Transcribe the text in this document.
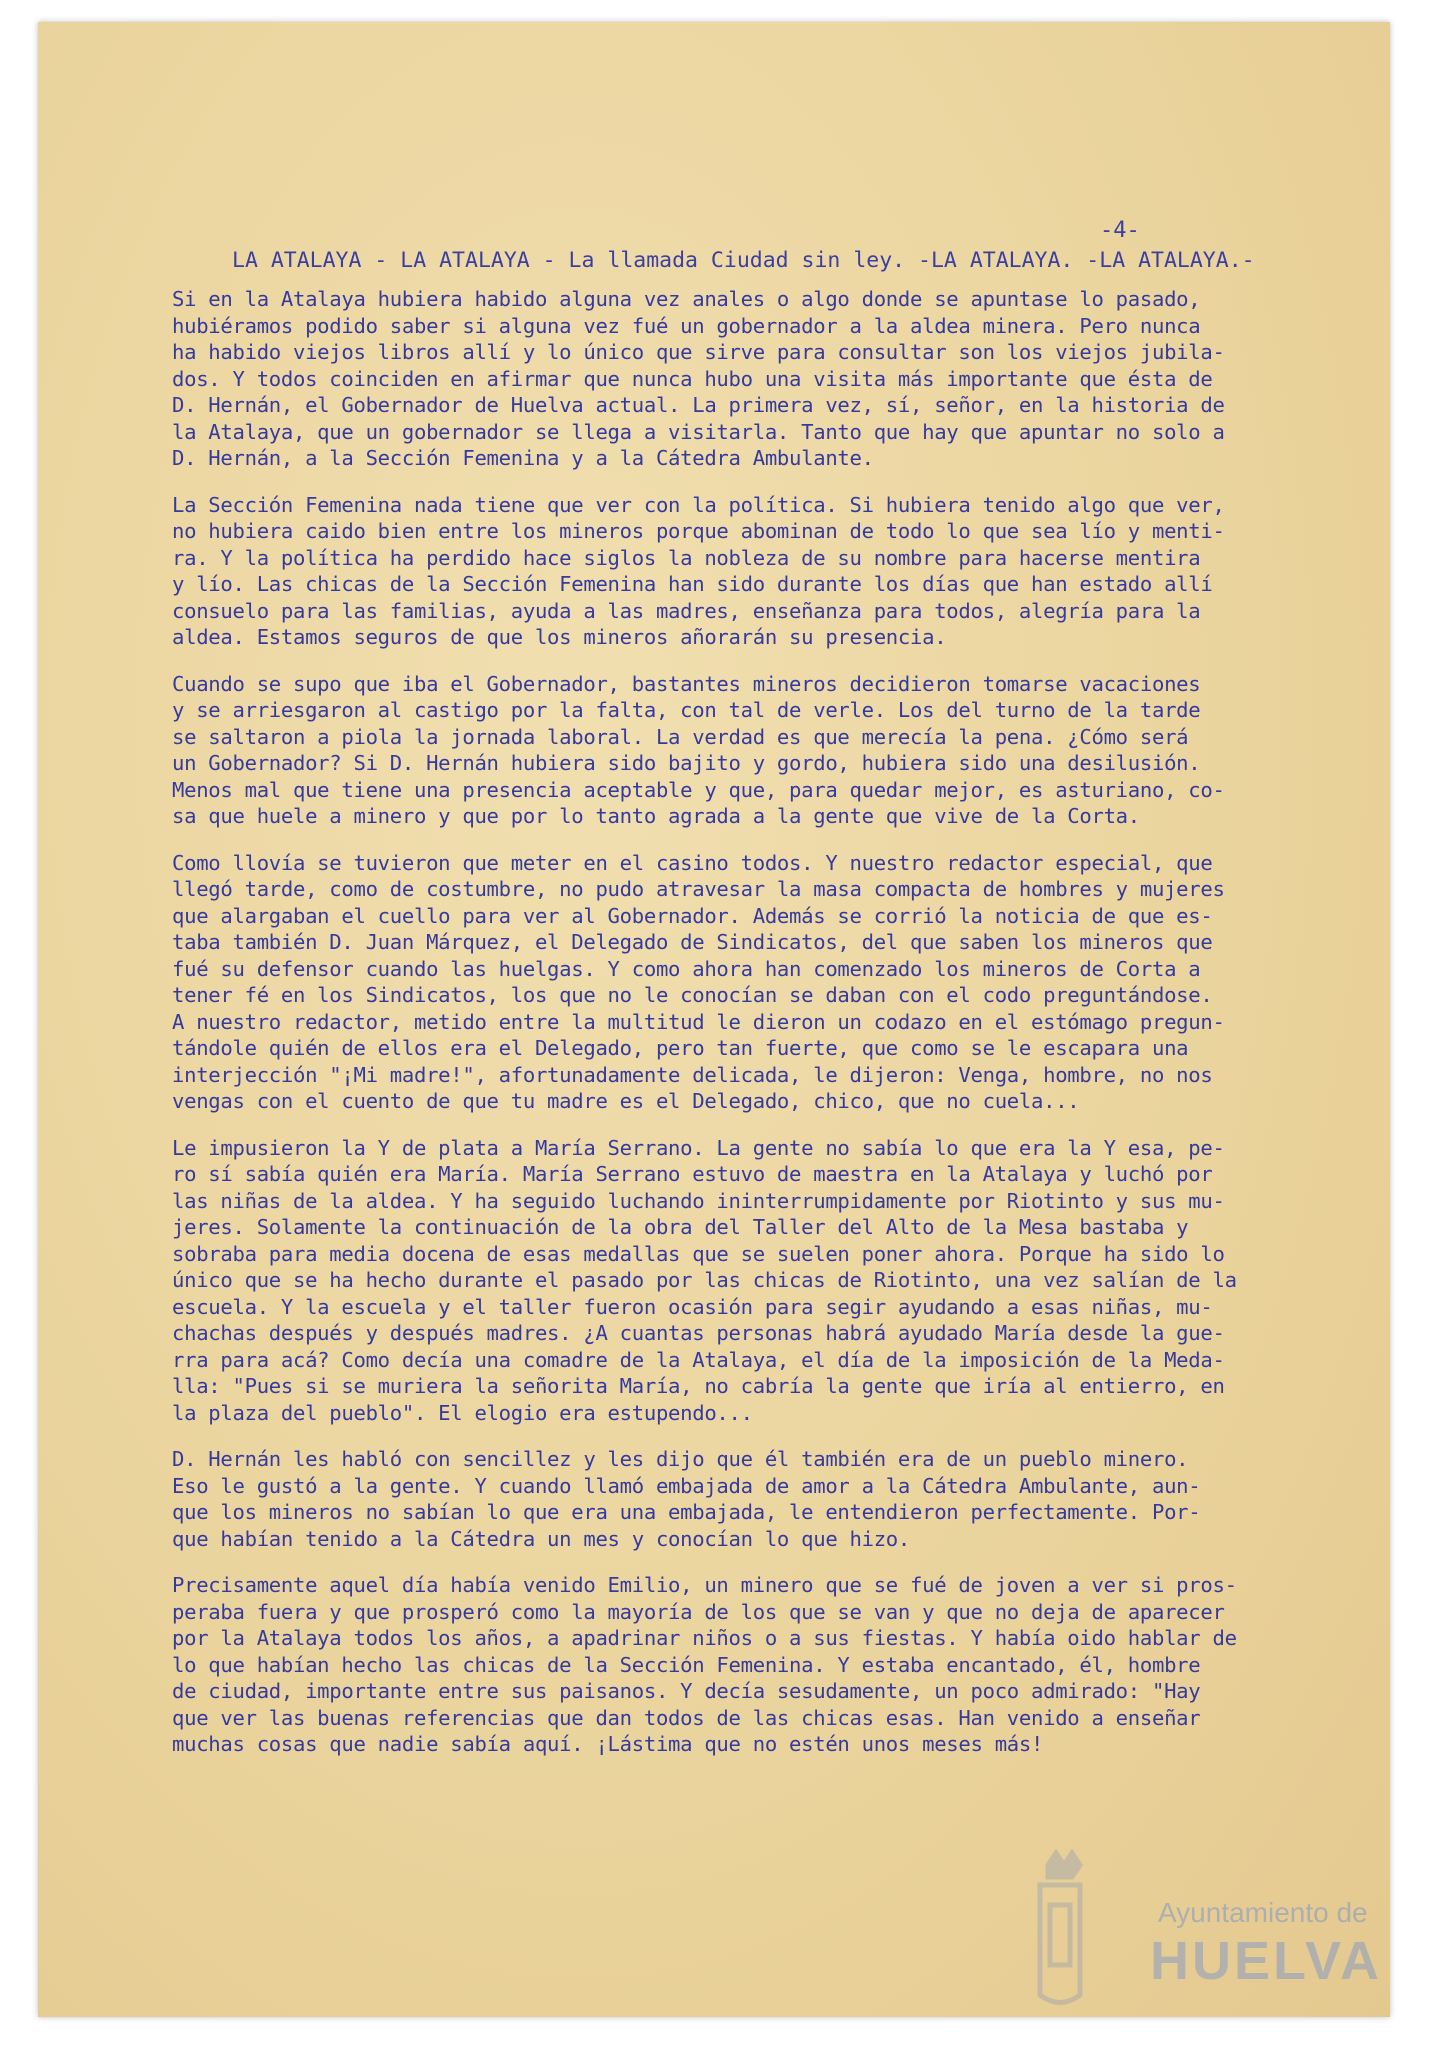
-4-
LA ATALAYA - LA ATALAYA - La llamada Ciudad sin ley. -LA ATALAYA. -LA ATALAYA.-
Si en la Atalaya hubiera habido alguna vez anales o algo donde se apuntase lo pasado,
hubiéramos podido saber si alguna vez fué un gobernador a la aldea minera. Pero nunca
ha habido viejos libros allí y lo único que sirve para consultar son los viejos jubila-
dos. Y todos coinciden en afirmar que nunca hubo una visita más importante que ésta de
D. Hernán, el Gobernador de Huelva actual. La primera vez, sí, señor, en la historia de
la Atalaya, que un gobernador se llega a visitarla. Tanto que hay que apuntar no solo a
D. Hernán, a la Sección Femenina y a la Cátedra Ambulante.
La Sección Femenina nada tiene que ver con la política. Si hubiera tenido algo que ver,
no hubiera caido bien entre los mineros porque abominan de todo lo que sea lío y menti-
ra. Y la política ha perdido hace siglos la nobleza de su nombre para hacerse mentira
y lío. Las chicas de la Sección Femenina han sido durante los días que han estado allí
consuelo para las familias, ayuda a las madres, enseñanza para todos, alegría para la
aldea. Estamos seguros de que los mineros añorarán su presencia.
Cuando se supo que iba el Gobernador, bastantes mineros decidieron tomarse vacaciones
y se arriesgaron al castigo por la falta, con tal de verle. Los del turno de la tarde
se saltaron a piola la jornada laboral. La verdad es que merecía la pena. ¿Cómo será
un Gobernador? Si D. Hernán hubiera sido bajito y gordo, hubiera sido una desilusión.
Menos mal que tiene una presencia aceptable y que, para quedar mejor, es asturiano, co-
sa que huele a minero y que por lo tanto agrada a la gente que vive de la Corta.
Como llovía se tuvieron que meter en el casino todos. Y nuestro redactor especial, que
llegó tarde, como de costumbre, no pudo atravesar la masa compacta de hombres y mujeres
que alargaban el cuello para ver al Gobernador. Además se corrió la noticia de que es-
taba también D. Juan Márquez, el Delegado de Sindicatos, del que saben los mineros que
fué su defensor cuando las huelgas. Y como ahora han comenzado los mineros de Corta a
tener fé en los Sindicatos, los que no le conocían se daban con el codo preguntándose.
A nuestro redactor, metido entre la multitud le dieron un codazo en el estómago pregun-
tándole quién de ellos era el Delegado, pero tan fuerte, que como se le escapara una
interjección "¡Mi madre!", afortunadamente delicada, le dijeron: Venga, hombre, no nos
vengas con el cuento de que tu madre es el Delegado, chico, que no cuela...
Le impusieron la Y de plata a María Serrano. La gente no sabía lo que era la Y esa, pe-
ro sí sabía quién era María. María Serrano estuvo de maestra en la Atalaya y luchó por
las niñas de la aldea. Y ha seguido luchando ininterrumpidamente por Riotinto y sus mu-
jeres. Solamente la continuación de la obra del Taller del Alto de la Mesa bastaba y
sobraba para media docena de esas medallas que se suelen poner ahora. Porque ha sido lo
único que se ha hecho durante el pasado por las chicas de Riotinto, una vez salían de la
escuela. Y la escuela y el taller fueron ocasión para segir ayudando a esas niñas, mu-
chachas después y después madres. ¿A cuantas personas habrá ayudado María desde la gue-
rra para acá? Como decía una comadre de la Atalaya, el día de la imposición de la Meda-
lla: "Pues si se muriera la señorita María, no cabría la gente que iría al entierro, en
la plaza del pueblo". El elogio era estupendo...
D. Hernán les habló con sencillez y les dijo que él también era de un pueblo minero.
Eso le gustó a la gente. Y cuando llamó embajada de amor a la Cátedra Ambulante, aun-
que los mineros no sabían lo que era una embajada, le entendieron perfectamente. Por-
que habían tenido a la Cátedra un mes y conocían lo que hizo.
Precisamente aquel día había venido Emilio, un minero que se fué de joven a ver si pros-
peraba fuera y que prosperó como la mayoría de los que se van y que no deja de aparecer
por la Atalaya todos los años, a apadrinar niños o a sus fiestas. Y había oido hablar de
lo que habían hecho las chicas de la Sección Femenina. Y estaba encantado, él, hombre
de ciudad, importante entre sus paisanos. Y decía sesudamente, un poco admirado: "Hay
que ver las buenas referencias que dan todos de las chicas esas. Han venido a enseñar
muchas cosas que nadie sabía aquí. ¡Lástima que no estén unos meses más!
Ayuntamiento de
HUELVA
